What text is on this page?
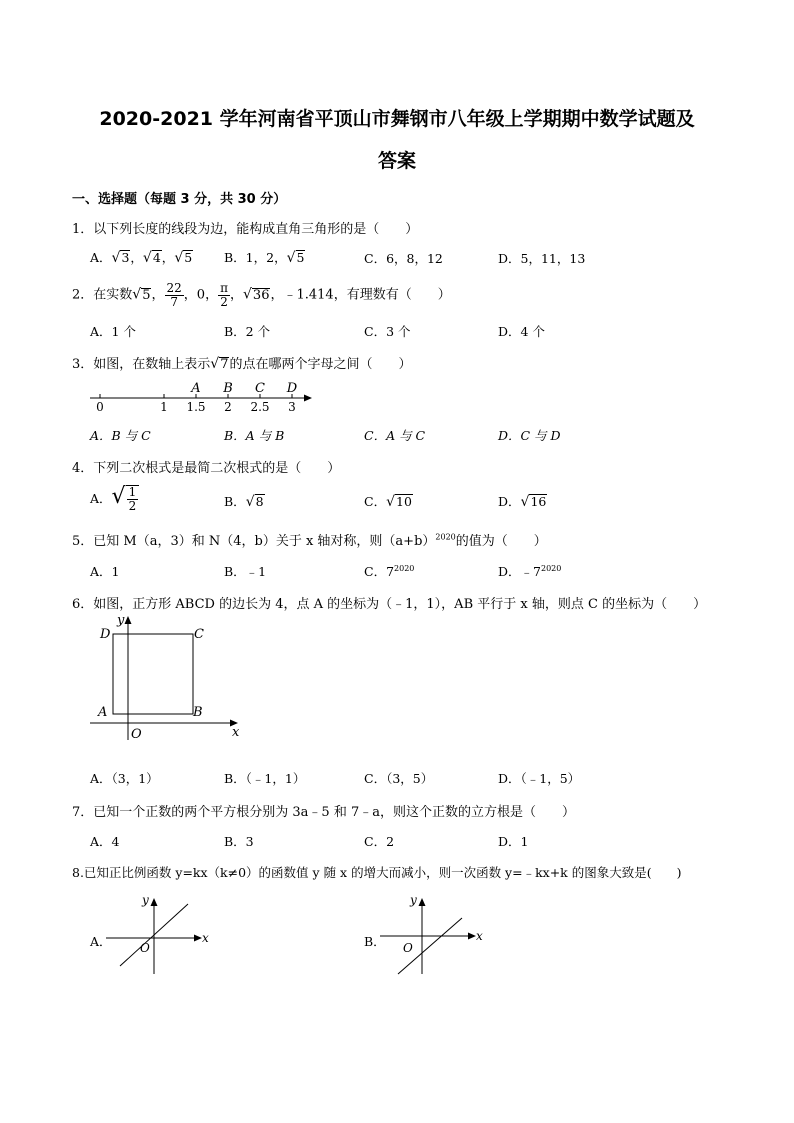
2020-2021 学年河南省平顶山市舞钢市八年级上学期期中数学试题及
答案
一、选择题（每题 3 分，共 30 分）
1．以下列长度的线段为边，能构成直角三角形的是（　　）
A．√3，√4，√5	B．1，2，√5	C．6，8，12	D．5，11，13
2．在实数√5， $\frac{22}{7}$ ，0， $\frac{\pi}{2}$ ，√36，﹣1.414，有理数有（　　）
A．1 个	B．2 个	C．3 个	D．4 个
3．如图，在数轴上表示√7的点在哪两个字母之间（　　）
0	1 1.5 2 2.5 3
A B C D
A．B 与 C	B．A 与 B	C．A 与 C	D．C 与 D
4．下列二次根式是最简二次根式的是（　　）
A．√ $\frac{1}{2}$	B．√8	C．√10	D．√16
5．已知 M（a，3）和 N（4，b）关于 x 轴对称，则$(a+b)^{2020}$的值为（　　）
A．1	B．﹣1	C．$7^{2020}$	D．$﹣7^{2020}$
6．如图，正方形 ABCD 的边长为 4，点 A 的坐标为（﹣1，1），AB 平行于 x 轴，则点 C 的坐标为（　　）
D	C
A	B
O	x
y
A．（3，1）	B．（﹣1，1）	C．（3，5）	D．（﹣1，5）
7．已知一个正数的两个平方根分别为 3a﹣5 和 7﹣a，则这个正数的立方根是（　　）
A．4	B．3	C．2	D．1
8.已知正比例函数 y=kx（k≠0）的函数值 y 随 x 的增大而减小，则一次函数 y=﹣kx+k 的图象大致是(　　)
A．
y
x
O	B．
y
x
O
